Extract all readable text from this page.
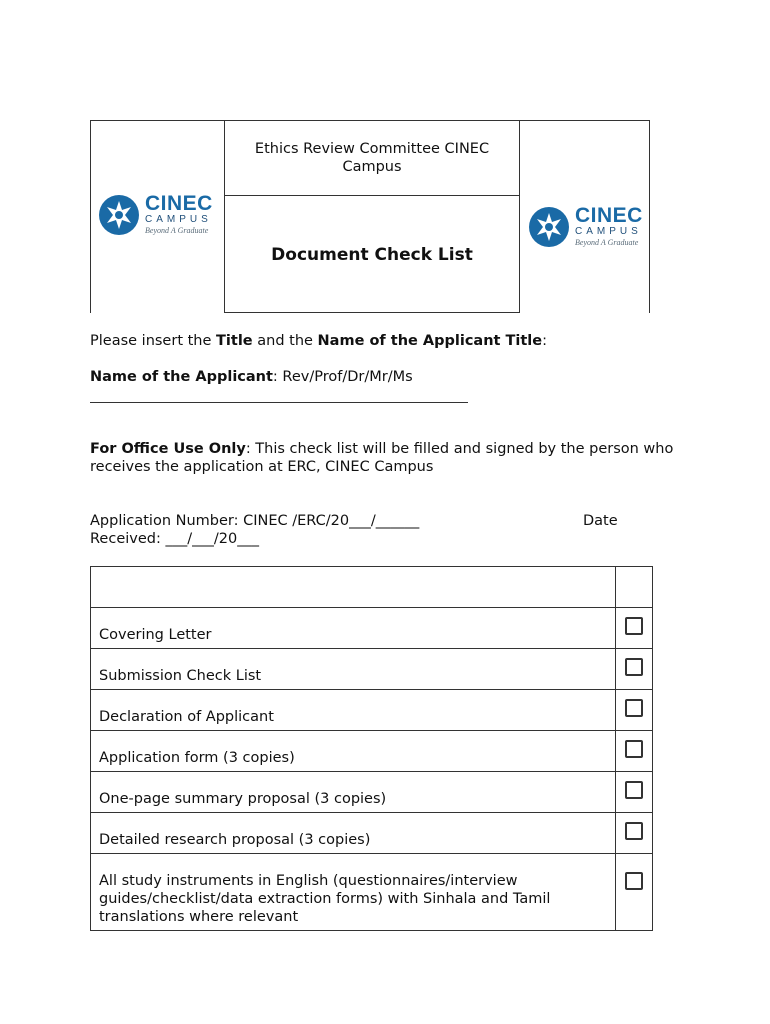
CINEC
CAMPUS
Beyond A Graduate
Ethics Review Committee CINEC Campus
Document Check List
CINEC
CAMPUS
Beyond A Graduate
Please insert the Title and the Name of the Applicant Title:
Name of the Applicant: Rev/Prof/Dr/Mr/Ms
For Office Use Only: This check list will be filled and signed by the person who receives the application at ERC, CINEC Campus
Application Number: CINEC /ERC/20___/______
Received: ___/___/20___
Date

Covering Letter	
Submission Check List	
Declaration of Applicant	
Application form (3 copies)	
One-page summary proposal (3 copies)	
Detailed research proposal (3 copies)	
All study instruments in English (questionnaires/interview guides/checklist/data extraction forms) with Sinhala and Tamil translations where relevant	
